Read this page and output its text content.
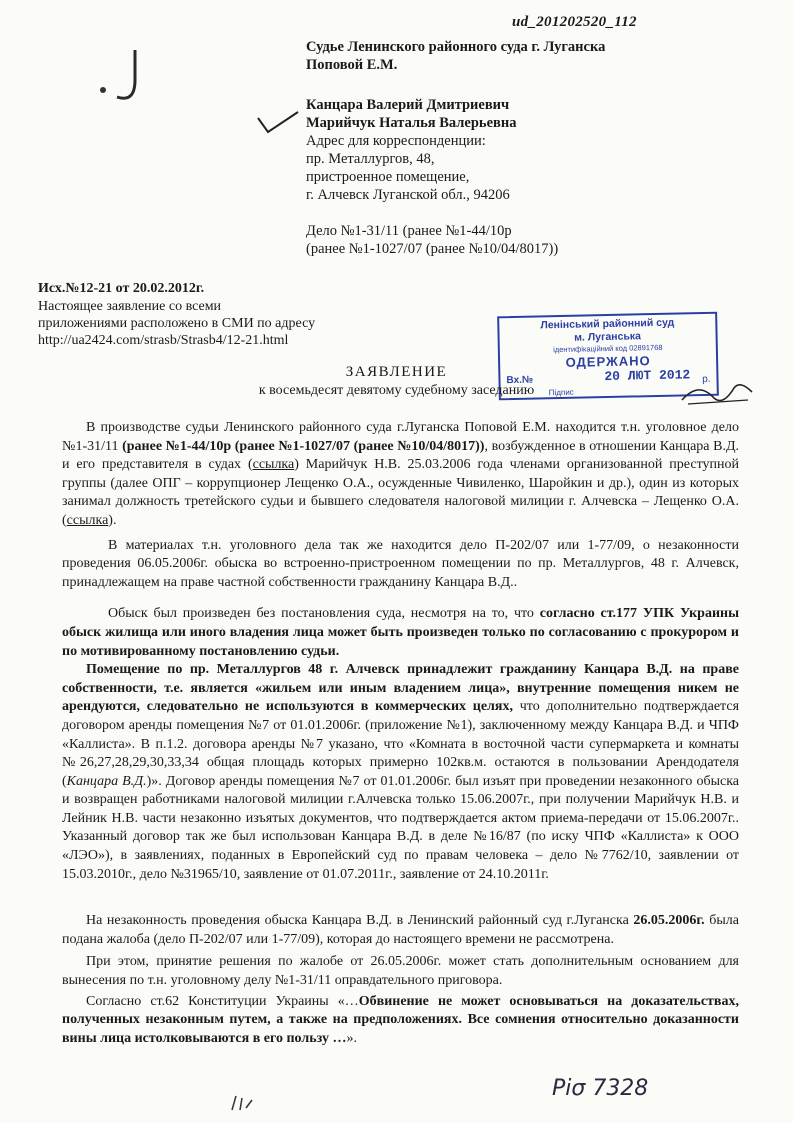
ud_201202520_112
Судье Ленинского районного суда г. Луганска
Поповой Е.М.
Канцара Валерий Дмитриевич
Марийчук Наталья Валерьевна
Адрес для корреспонденции:
пр. Металлургов, 48,
пристроенное помещение,
г. Алчевск Луганской обл., 94206
Дело №1-31/11 (ранее №1-44/10р
(ранее №1-1027/07 (ранее №10/04/8017))
Исх.№12-21 от 20.02.2012г.
Настоящее заявление со всеми
приложениями расположено в СМИ по адресу
http://ua2424.com/strasb/Strasb4/12-21.html
Ленінський районний суд
м. Луганська
ідентифікаційний код 02891768
ОДЕРЖАНО
Вх.№	20 ЛЮТ 2012 р.
Підпис
ЗАЯВЛЕНИЕ
к восемьдесят девятому судебному заседанию

В производстве судьи Ленинского районного суда г.Луганска Поповой Е.М. находится т.н. уголовное дело №1-31/11 (ранее №1-44/10р (ранее №1-1027/07 (ранее №10/04/8017)), возбужденное в отношении Канцара В.Д. и его представителя в судах (ссылка) Марийчук Н.В. 25.03.2006 года членами организованной преступной группы (далее ОПГ – коррупционер Лещенко О.А., осужденные Чивиленко, Шаройкин и др.), один из которых занимал должность третейского судьи и бывшего следователя налоговой милиции г. Алчевска – Лещенко О.А. (ссылка).

В материалах т.н. уголовного дела так же находится дело П-202/07 или 1-77/09, о незаконности проведения 06.05.2006г. обыска во встроенно-пристроенном помещении по пр. Металлургов, 48 г. Алчевск, принадлежащем на праве частной собственности гражданину Канцара В.Д..

Обыск был произведен без постановления суда, несмотря на то, что согласно ст.177 УПК Украины обыск жилища или иного владения лица может быть произведен только по согласованию с прокурором и по мотивированному постановлению судьи.

Помещение по пр. Металлургов 48 г. Алчевск принадлежит гражданину Канцара В.Д. на праве собственности, т.е. является «жильем или иным владением лица», внутренние помещения никем не арендуются, следовательно не используются в коммерческих целях, что дополнительно подтверждается договором аренды помещения №7 от 01.01.2006г. (приложение №1), заключенному между Канцара В.Д. и ЧПФ «Каллиста». В п.1.2. договора аренды №7 указано, что «Комната в восточной части супермаркета и комнаты №26,27,28,29,30,33,34 общая площадь которых примерно 102кв.м. остаются в пользовании Арендодателя (Канцара В.Д.)». Договор аренды помещения №7 от 01.01.2006г. был изъят при проведении незаконного обыска и возвращен работниками налоговой милиции г.Алчевска только 15.06.2007г., при получении Марийчук Н.В. и Лейник Н.В. части незаконно изъятых документов, что подтверждается актом приема-передачи от 15.06.2007г.. Указанный договор так же был использован Канцара В.Д. в деле №16/87 (по иску ЧПФ «Каллиста» к ООО «ЛЭО»), в заявлениях, поданных в Европейский суд по правам человека – дело №7762/10, заявлении от 15.03.2010г., дело №31965/10, заявление от 01.07.2011г., заявление от 24.10.2011г.

На незаконность проведения обыска Канцара В.Д. в Ленинский районный суд г.Луганска 26.05.2006г. была подана жалоба (дело П-202/07 или 1-77/09), которая до настоящего времени не рассмотрена.

При этом, принятие решения по жалобе от 26.05.2006г. может стать дополнительным основанием для вынесения по т.н. уголовному делу №1-31/11 оправдательного приговора.

Согласно ст.62 Конституции Украины «…Обвинение не может основываться на доказательствах, полученных незаконным путем, а также на предположениях. Все сомнения относительно доказанности вины лица истолковываются в его пользу …».

Рiσ 7328
